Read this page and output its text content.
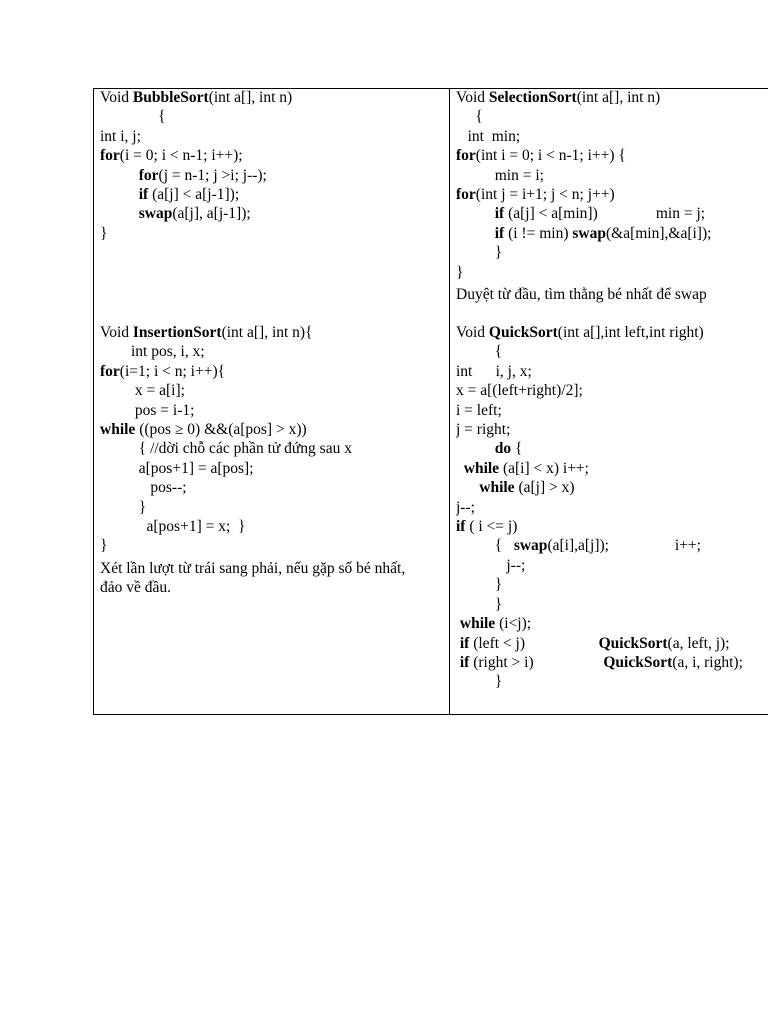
Void BubbleSort(int a[], int n)
{
int i, j;
for(i = 0; i < n-1; i++);
for(j = n-1; j >i; j--);
if (a[j] < a[j-1]);
swap(a[j], a[j-1]);
}
Void SelectionSort(int a[], int n)
{
int  min;
for(int i = 0; i < n-1; i++) {
min = i;
for(int j = i+1; j < n; j++)
if (a[j] < a[min])	min = j;
if (i != min) swap(&a[min],&a[i]);
}
}
Duyệt từ đầu, tìm thằng bé nhất để swap
Void InsertionSort(int a[], int n){
int pos, i, x;
for(i=1; i < n; i++){
x = a[i];
pos = i-1;
while ((pos ≥ 0) &&(a[pos] > x))
{ //dời chỗ các phần tử đứng sau x
a[pos+1] = a[pos];
pos--;
}
a[pos+1] = x;  }
}
Xét lần lượt từ trái sang phải, nếu gặp số bé nhất, đảo về đầu.
Void QuickSort(int a[],int left,int right)
{
int      i, j, x;
x = a[(left+right)/2];
i = left;
j = right;
do {
while (a[i] < x) i++;
while (a[j] > x)
j--;
if ( i <= j)
{   swap(a[i],a[j]);	i++;
j--;
}
}
while (i<j);
if (left < j)	QuickSort(a, left, j);
if (right > i)	QuickSort(a, i, right);
}
